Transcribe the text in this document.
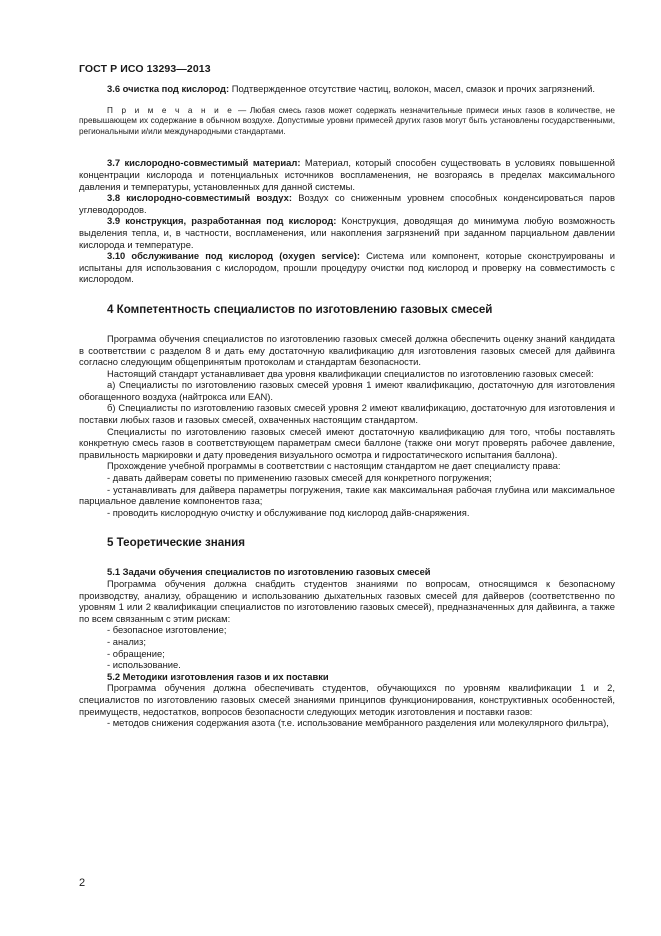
ГОСТ Р ИСО 13293—2013

3.6 очистка под кислород: Подтвержденное отсутствие частиц, волокон, масел, смазок и прочих загрязнений.

П р и м е ч а н и е — Любая смесь газов может содержать незначительные примеси иных газов в количестве, не превышающем их содержание в обычном воздухе. Допустимые уровни примесей других газов могут быть установлены государственными, региональными и/или международными стандартами.

3.7 кислородно-совместимый материал: Материал, который способен существовать в условиях повышенной концентрации кислорода и потенциальных источников воспламенения, не возгораясь в пределах максимального давления и температуры, установленных для данной системы.

3.8 кислородно-совместимый воздух: Воздух со сниженным уровнем способных конденсироваться паров углеводородов.

3.9 конструкция, разработанная под кислород: Конструкция, доводящая до минимума любую возможность выделения тепла, и, в частности, воспламенения, или накопления загрязнений при заданном парциальном давлении кислорода и температуре.

3.10 обслуживание под кислород (oxygen service): Система или компонент, которые сконструированы и испытаны для использования с кислородом, прошли процедуру очистки под кислород и проверку на совместимость с кислородом.

4 Компетентность специалистов по изготовлению газовых смесей

Программа обучения специалистов по изготовлению газовых смесей должна обеспечить оценку знаний кандидата в соответствии с разделом 8 и дать ему достаточную квалификацию для изготовления газовых смесей для дайвинга согласно следующим общепринятым протоколам и стандартам безопасности.

Настоящий стандарт устанавливает два уровня квалификации специалистов по изготовлению газовых смесей:

а) Специалисты по изготовлению газовых смесей уровня 1 имеют квалификацию, достаточную для изготовления обогащенного воздуха (найтрокса или EAN).

б) Специалисты по изготовлению газовых смесей уровня 2 имеют квалификацию, достаточную для изготовления и поставки любых газов и газовых смесей, охваченных настоящим стандартом.

Специалисты по изготовлению газовых смесей имеют достаточную квалификацию для того, чтобы поставлять конкретную смесь газов в соответствующем параметрам смеси баллоне (также они могут проверять рабочее давление, правильность маркировки и дату проведения визуального осмотра и гидростатического испытания баллона).

Прохождение учебной программы в соответствии с настоящим стандартом не дает специалисту права:

- давать дайверам советы по применению газовых смесей для конкретного погружения;

- устанавливать для дайвера параметры погружения, такие как максимальная рабочая глубина или максимальное парциальное давление компонентов газа;

- проводить кислородную очистку и обслуживание под кислород дайв-снаряжения.

5 Теоретические знания
5.1 Задачи обучения специалистов по изготовлению газовых смесей

Программа обучения должна снабдить студентов знаниями по вопросам, относящимся к безопасному производству, анализу, обращению и использованию дыхательных газовых смесей для дайверов (соответственно по уровням 1 или 2 квалификации специалистов по изготовлению газовых смесей), предназначенных для дайвинга, а также по всем связанным с этим рискам:

- безопасное изготовление;

- анализ;

- обращение;

- использование.

5.2 Методики изготовления газов и их поставки

Программа обучения должна обеспечивать студентов, обучающихся по уровням квалификации 1 и 2, специалистов по изготовлению газовых смесей знаниями принципов функционирования, конструктивных особенностей, преимуществ, недостатков, вопросов безопасности следующих методик изготовления и поставки газов:

- методов снижения содержания азота (т.е. использование мембранного разделения или молекулярного фильтра),

2
